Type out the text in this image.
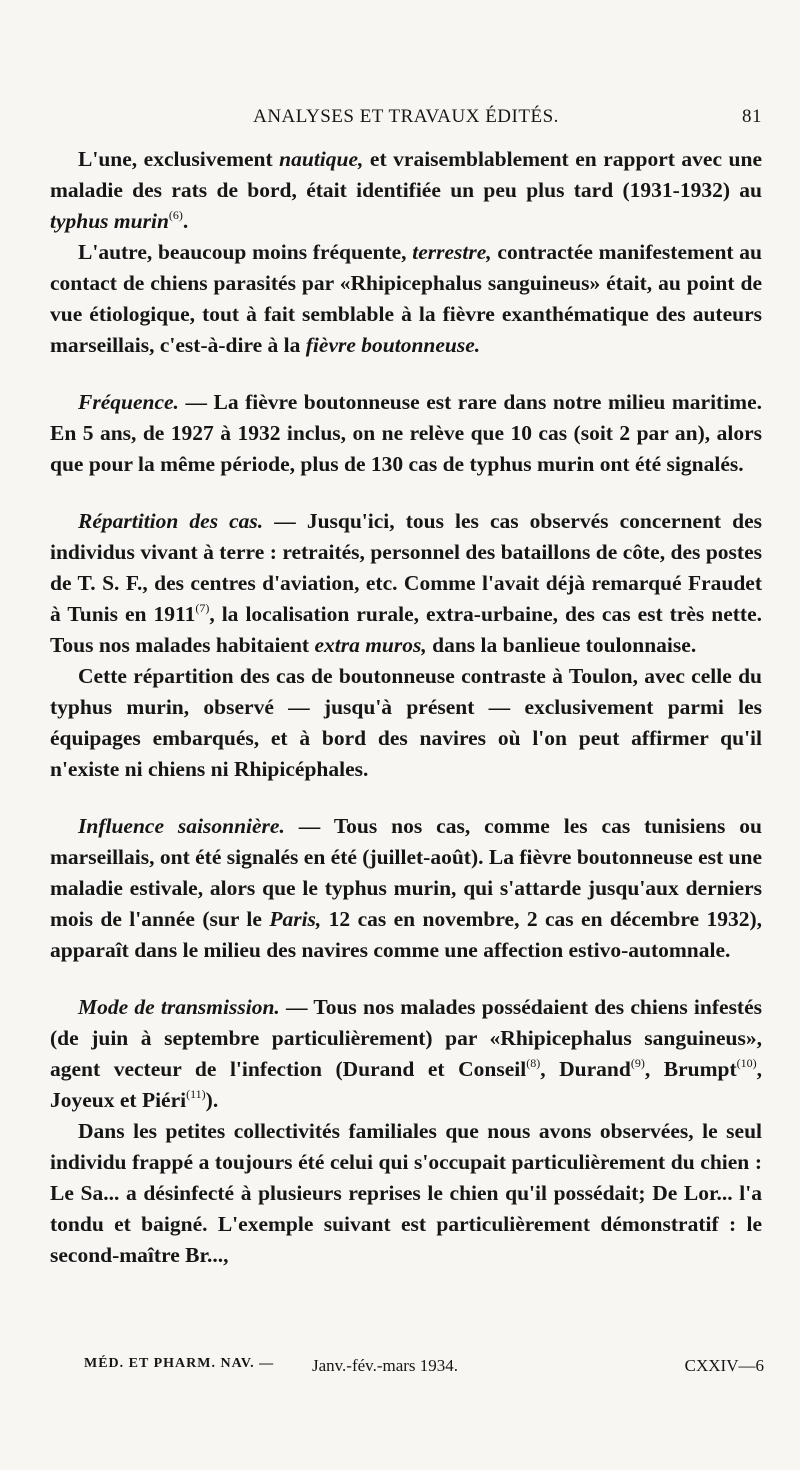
ANALYSES ET TRAVAUX ÉDITÉS.	81

L'une, exclusivement nautique, et vraisemblablement en rapport avec une maladie des rats de bord, était identifiée un peu plus tard (1931-1932) au typhus murin$^{(6)}$.

L'autre, beaucoup moins fréquente, terrestre, contractée manifestement au contact de chiens parasités par «Rhipicephalus sanguineus» était, au point de vue étiologique, tout à fait semblable à la fièvre exanthématique des auteurs marseillais, c'est-à-dire à la fièvre boutonneuse.

Fréquence. — La fièvre boutonneuse est rare dans notre milieu maritime. En 5 ans, de 1927 à 1932 inclus, on ne relève que 10 cas (soit 2 par an), alors que pour la même période, plus de 130 cas de typhus murin ont été signalés.

Répartition des cas. — Jusqu'ici, tous les cas observés concernent des individus vivant à terre : retraités, personnel des bataillons de côte, des postes de T. S. F., des centres d'aviation, etc. Comme l'avait déjà remarqué Fraudet à Tunis en 1911$^{(7)}$, la localisation rurale, extra-urbaine, des cas est très nette. Tous nos malades habitaient extra muros, dans la banlieue toulonnaise.

Cette répartition des cas de boutonneuse contraste à Toulon, avec celle du typhus murin, observé — jusqu'à présent — exclusivement parmi les équipages embarqués, et à bord des navires où l'on peut affirmer qu'il n'existe ni chiens ni Rhipicéphales.

Influence saisonnière. — Tous nos cas, comme les cas tunisiens ou marseillais, ont été signalés en été (juillet-août). La fièvre boutonneuse est une maladie estivale, alors que le typhus murin, qui s'attarde jusqu'aux derniers mois de l'année (sur le Paris, 12 cas en novembre, 2 cas en décembre 1932), apparaît dans le milieu des navires comme une affection estivo-automnale.

Mode de transmission. — Tous nos malades possédaient des chiens infestés (de juin à septembre particulièrement) par «Rhipicephalus sanguineus», agent vecteur de l'infection (Durand et Conseil$^{(8)}$, Durand$^{(9)}$, Brumpt$^{(10)}$, Joyeux et Piéri$^{(11)}$).

Dans les petites collectivités familiales que nous avons observées, le seul individu frappé a toujours été celui qui s'occupait particulièrement du chien : Le Sa... a désinfecté à plusieurs reprises le chien qu'il possédait; De Lor... l'a tondu et baigné. L'exemple suivant est particulièrement démonstratif : le second-maître Br...,

MÉD. ET PHARM. NAV. — Janv.-fév.-mars 1934.	CXXIV—6
